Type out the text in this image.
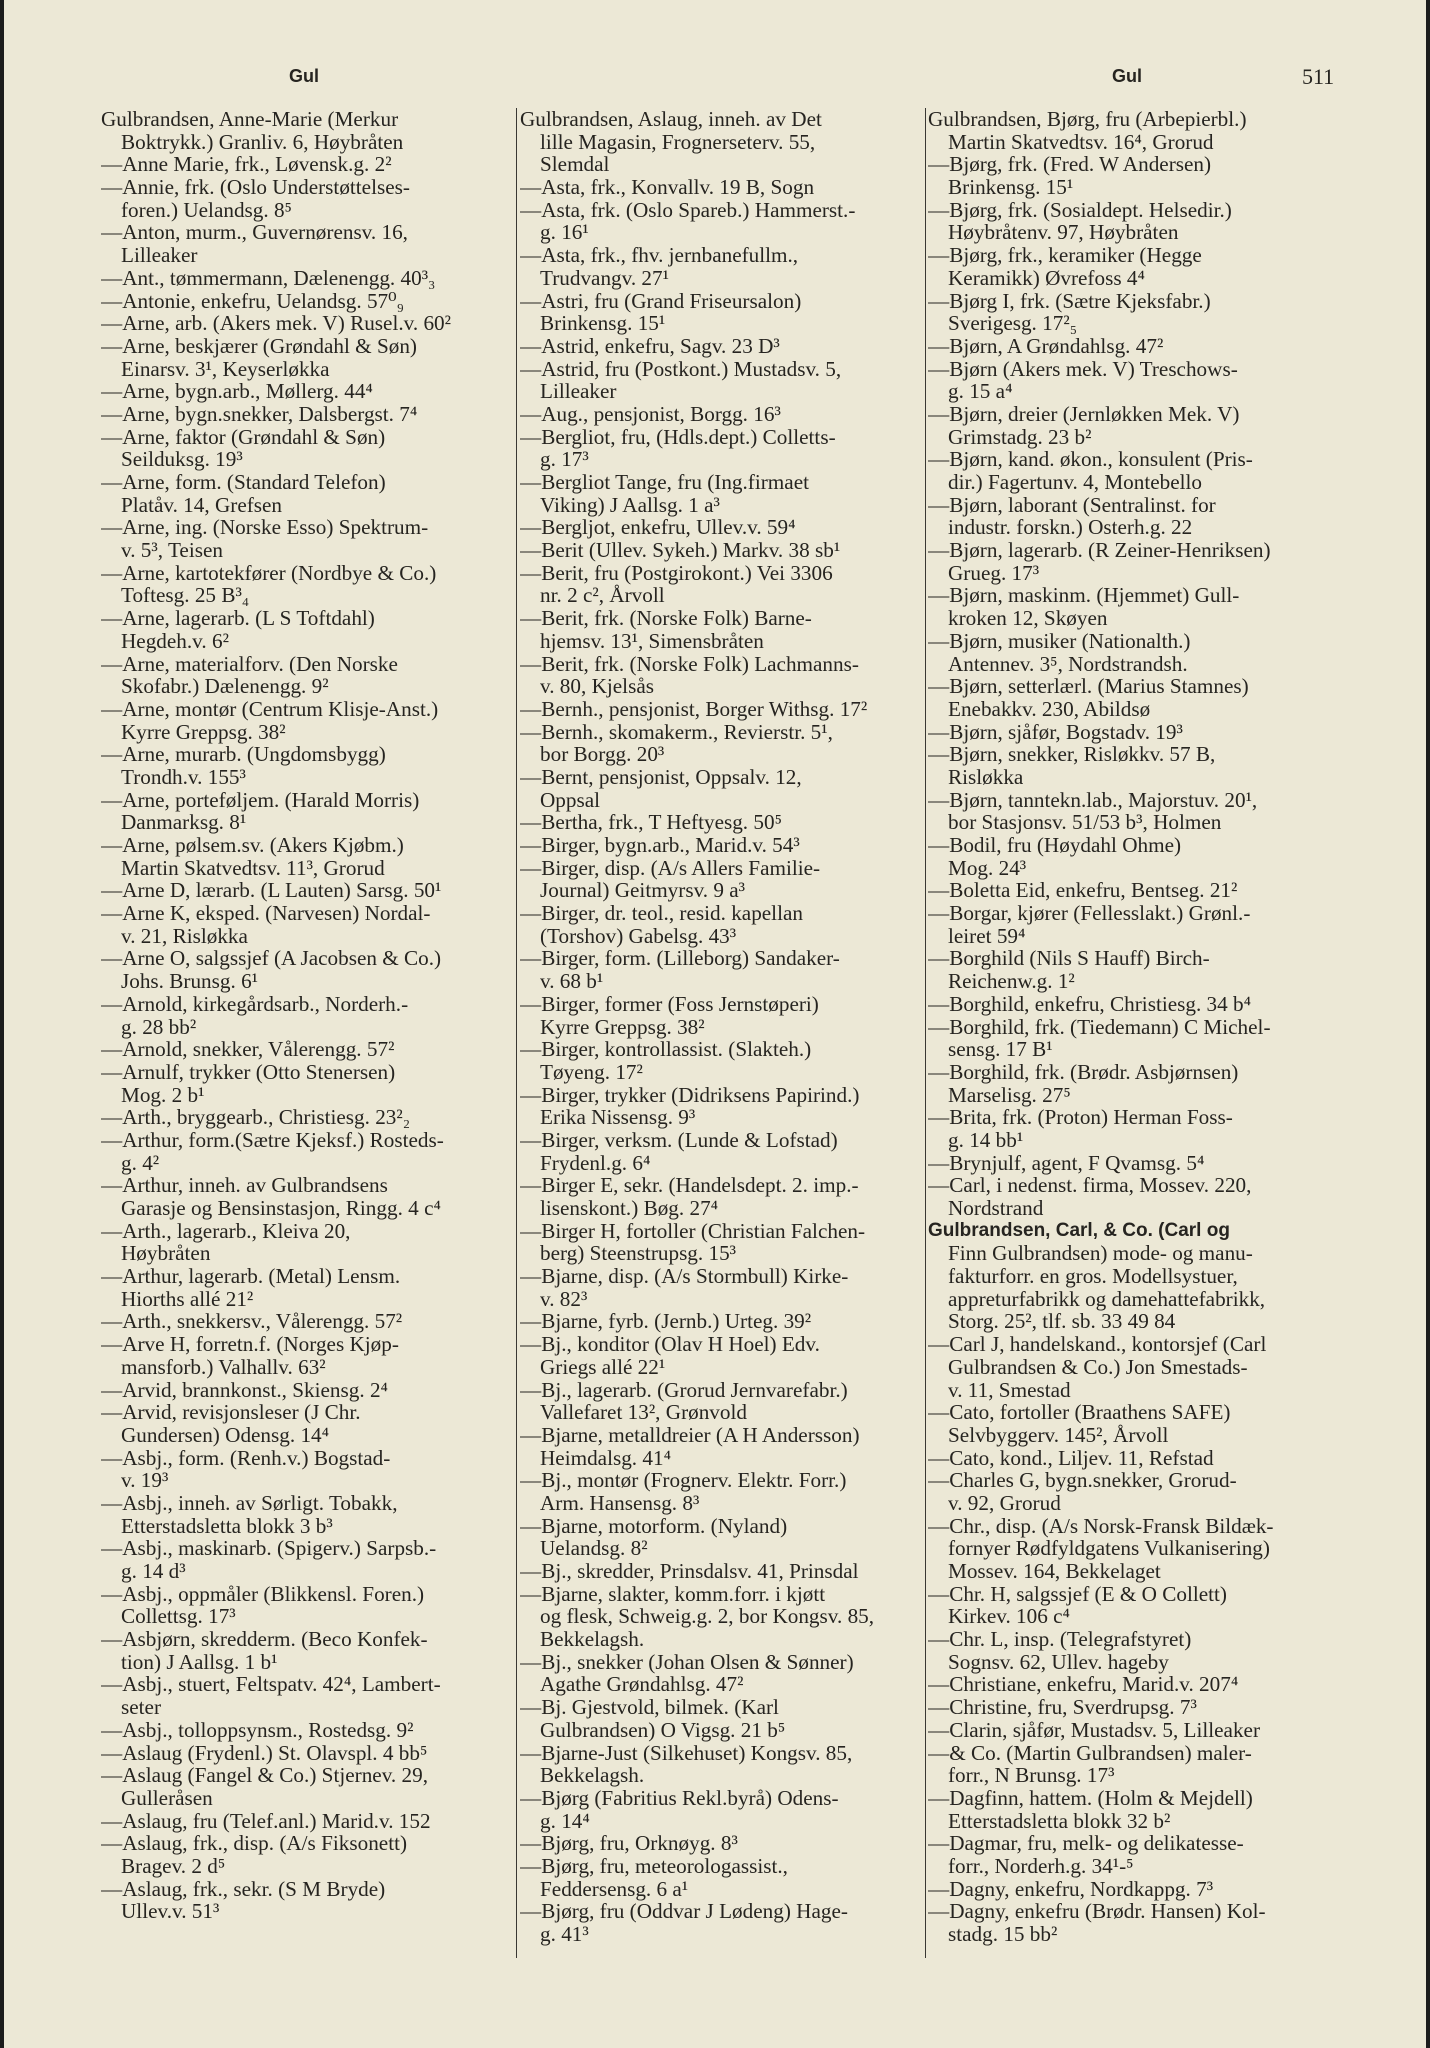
Gul	Gul	511
Gulbrandsen, Anne-Marie (Merkur
Boktrykk.) Granliv. 6, Høybråten
—Anne Marie, frk., Løvensk.g. 2²
—Annie, frk. (Oslo Understøttelses-
foren.) Uelandsg. 8⁵
—Anton, murm., Guvernørensv. 16,
Lilleaker
—Ant., tømmermann, Dælenengg. 40³₃
—Antonie, enkefru, Uelandsg. 57⁰₉
—Arne, arb. (Akers mek. V) Rusel.v. 60²
—Arne, beskjærer (Grøndahl & Søn)
Einarsv. 3¹, Keyserløkka
—Arne, bygn.arb., Møllerg. 44⁴
—Arne, bygn.snekker, Dalsbergst. 7⁴
—Arne, faktor (Grøndahl & Søn)
Seilduksg. 19³
—Arne, form. (Standard Telefon)
Platåv. 14, Grefsen
—Arne, ing. (Norske Esso) Spektrum-
v. 5³, Teisen
—Arne, kartotekfører (Nordbye & Co.)
Toftesg. 25 B³₄
—Arne, lagerarb. (L S Toftdahl)
Hegdeh.v. 6²
—Arne, materialforv. (Den Norske
Skofabr.) Dælenengg. 9²
—Arne, montør (Centrum Klisje-Anst.)
Kyrre Greppsg. 38²
—Arne, murarb. (Ungdomsbygg)
Trondh.v. 155³
—Arne, porteføljem. (Harald Morris)
Danmarksg. 8¹
—Arne, pølsem.sv. (Akers Kjøbm.)
Martin Skatvedtsv. 11³, Grorud
—Arne D, lærarb. (L Lauten) Sarsg. 50¹
—Arne K, eksped. (Narvesen) Nordal-
v. 21, Risløkka
—Arne O, salgssjef (A Jacobsen & Co.)
Johs. Brunsg. 6¹
—Arnold, kirkegårdsarb., Norderh.-
g. 28 bb²
—Arnold, snekker, Vålerengg. 57²
—Arnulf, trykker (Otto Stenersen)
Mog. 2 b¹
—Arth., bryggearb., Christiesg. 23²₂
—Arthur, form.(Sætre Kjeksf.) Rosteds-
g. 4²
—Arthur, inneh. av Gulbrandsens
Garasje og Bensinstasjon, Ringg. 4 c⁴
—Arth., lagerarb., Kleiva 20,
Høybråten
—Arthur, lagerarb. (Metal) Lensm.
Hiorths allé 21²
—Arth., snekkersv., Vålerengg. 57²
—Arve H, forretn.f. (Norges Kjøp-
mansforb.) Valhallv. 63²
—Arvid, brannkonst., Skiensg. 2⁴
—Arvid, revisjonsleser (J Chr.
Gundersen) Odensg. 14⁴
—Asbj., form. (Renh.v.) Bogstad-
v. 19³
—Asbj., inneh. av Sørligt. Tobakk,
Etterstadsletta blokk 3 b³
—Asbj., maskinarb. (Spigerv.) Sarpsb.-
g. 14 d³
—Asbj., oppmåler (Blikkensl. Foren.)
Collettsg. 17³
—Asbjørn, skredderm. (Beco Konfek-
tion) J Aallsg. 1 b¹
—Asbj., stuert, Feltspatv. 42⁴, Lambert-
seter
—Asbj., tolloppsynsm., Rostedsg. 9²
—Aslaug (Frydenl.) St. Olavspl. 4 bb⁵
—Aslaug (Fangel & Co.) Stjernev. 29,
Gulleråsen
—Aslaug, fru (Telef.anl.) Marid.v. 152
—Aslaug, frk., disp. (A/s Fiksonett)
Bragev. 2 d⁵
—Aslaug, frk., sekr. (S M Bryde)
Ullev.v. 51³
Gulbrandsen, Aslaug, inneh. av Det
lille Magasin, Frognerseterv. 55,
Slemdal
—Asta, frk., Konvallv. 19 B, Sogn
—Asta, frk. (Oslo Spareb.) Hammerst.-
g. 16¹
—Asta, frk., fhv. jernbanefullm.,
Trudvangv. 27¹
—Astri, fru (Grand Friseursalon)
Brinkensg. 15¹
—Astrid, enkefru, Sagv. 23 D³
—Astrid, fru (Postkont.) Mustadsv. 5,
Lilleaker
—Aug., pensjonist, Borgg. 16³
—Bergliot, fru, (Hdls.dept.) Colletts-
g. 17³
—Bergliot Tange, fru (Ing.firmaet
Viking) J Aallsg. 1 a³
—Bergljot, enkefru, Ullev.v. 59⁴
—Berit (Ullev. Sykeh.) Markv. 38 sb¹
—Berit, fru (Postgirokont.) Vei 3306
nr. 2 c², Årvoll
—Berit, frk. (Norske Folk) Barne-
hjemsv. 13¹, Simensbråten
—Berit, frk. (Norske Folk) Lachmanns-
v. 80, Kjelsås
—Bernh., pensjonist, Borger Withsg. 17²
—Bernh., skomakerm., Revierstr. 5¹,
bor Borgg. 20³
—Bernt, pensjonist, Oppsalv. 12,
Oppsal
—Bertha, frk., T Heftyesg. 50⁵
—Birger, bygn.arb., Marid.v. 54³
—Birger, disp. (A/s Allers Familie-
Journal) Geitmyrsv. 9 a³
—Birger, dr. teol., resid. kapellan
(Torshov) Gabelsg. 43³
—Birger, form. (Lilleborg) Sandaker-
v. 68 b¹
—Birger, former (Foss Jernstøperi)
Kyrre Greppsg. 38²
—Birger, kontrollassist. (Slakteh.)
Tøyeng. 17²
—Birger, trykker (Didriksens Papirind.)
Erika Nissensg. 9³
—Birger, verksm. (Lunde & Lofstad)
Frydenl.g. 6⁴
—Birger E, sekr. (Handelsdept. 2. imp.-
lisenskont.) Bøg. 27⁴
—Birger H, fortoller (Christian Falchen-
berg) Steenstrupsg. 15³
—Bjarne, disp. (A/s Stormbull) Kirke-
v. 82³
—Bjarne, fyrb. (Jernb.) Urteg. 39²
—Bj., konditor (Olav H Hoel) Edv.
Griegs allé 22¹
—Bj., lagerarb. (Grorud Jernvarefabr.)
Vallefaret 13², Grønvold
—Bjarne, metalldreier (A H Andersson)
Heimdalsg. 41⁴
—Bj., montør (Frognerv. Elektr. Forr.)
Arm. Hansensg. 8³
—Bjarne, motorform. (Nyland)
Uelandsg. 8²
—Bj., skredder, Prinsdalsv. 41, Prinsdal
—Bjarne, slakter, komm.forr. i kjøtt
og flesk, Schweig.g. 2, bor Kongsv. 85,
Bekkelagsh.
—Bj., snekker (Johan Olsen & Sønner)
Agathe Grøndahlsg. 47²
—Bj. Gjestvold, bilmek. (Karl
Gulbrandsen) O Vigsg. 21 b⁵
—Bjarne-Just (Silkehuset) Kongsv. 85,
Bekkelagsh.
—Bjørg (Fabritius Rekl.byrå) Odens-
g. 14⁴
—Bjørg, fru, Orknøyg. 8³
—Bjørg, fru, meteorologassist.,
Feddersensg. 6 a¹
—Bjørg, fru (Oddvar J Lødeng) Hage-
g. 41³
Gulbrandsen, Bjørg, fru (Arbepierbl.)
Martin Skatvedtsv. 16⁴, Grorud
—Bjørg, frk. (Fred. W Andersen)
Brinkensg. 15¹
—Bjørg, frk. (Sosialdept. Helsedir.)
Høybråtenv. 97, Høybråten
—Bjørg, frk., keramiker (Hegge
Keramikk) Øvrefoss 4⁴
—Bjørg I, frk. (Sætre Kjeksfabr.)
Sverigesg. 17²₅
—Bjørn, A Grøndahlsg. 47²
—Bjørn (Akers mek. V) Treschows-
g. 15 a⁴
—Bjørn, dreier (Jernløkken Mek. V)
Grimstadg. 23 b²
—Bjørn, kand. økon., konsulent (Pris-
dir.) Fagertunv. 4, Montebello
—Bjørn, laborant (Sentralinst. for
industr. forskn.) Osterh.g. 22
—Bjørn, lagerarb. (R Zeiner-Henriksen)
Grueg. 17³
—Bjørn, maskinm. (Hjemmet) Gull-
kroken 12, Skøyen
—Bjørn, musiker (Nationalth.)
Antennev. 3⁵, Nordstrandsh.
—Bjørn, setterlærl. (Marius Stamnes)
Enebakkv. 230, Abildsø
—Bjørn, sjåfør, Bogstadv. 19³
—Bjørn, snekker, Risløkkv. 57 B,
Risløkka
—Bjørn, tanntekn.lab., Majorstuv. 20¹,
bor Stasjonsv. 51/53 b³, Holmen
—Bodil, fru (Høydahl Ohme)
Mog. 24³
—Boletta Eid, enkefru, Bentseg. 21²
—Borgar, kjører (Fellesslakt.) Grønl.-
leiret 59⁴
—Borghild (Nils S Hauff) Birch-
Reichenw.g. 1²
—Borghild, enkefru, Christiesg. 34 b⁴
—Borghild, frk. (Tiedemann) C Michel-
sensg. 17 B¹
—Borghild, frk. (Brødr. Asbjørnsen)
Marselisg. 27⁵
—Brita, frk. (Proton) Herman Foss-
g. 14 bb¹
—Brynjulf, agent, F Qvamsg. 5⁴
—Carl, i nedenst. firma, Mossev. 220,
Nordstrand
Gulbrandsen, Carl, & Co. (Carl og
Finn Gulbrandsen) mode- og manu-
fakturforr. en gros. Modellsystuer,
appreturfabrikk og damehattefabrikk,
Storg. 25², tlf. sb. 33 49 84
—Carl J, handelskand., kontorsjef (Carl
Gulbrandsen & Co.) Jon Smestads-
v. 11, Smestad
—Cato, fortoller (Braathens SAFE)
Selvbyggerv. 145², Årvoll
—Cato, kond., Liljev. 11, Refstad
—Charles G, bygn.snekker, Grorud-
v. 92, Grorud
—Chr., disp. (A/s Norsk-Fransk Bildæk-
fornyer Rødfyldgatens Vulkanisering)
Mossev. 164, Bekkelaget
—Chr. H, salgssjef (E & O Collett)
Kirkev. 106 c⁴
—Chr. L, insp. (Telegrafstyret)
Sognsv. 62, Ullev. hageby
—Christiane, enkefru, Marid.v. 207⁴
—Christine, fru, Sverdrupsg. 7³
—Clarin, sjåfør, Mustadsv. 5, Lilleaker
—& Co. (Martin Gulbrandsen) maler-
forr., N Brunsg. 17³
—Dagfinn, hattem. (Holm & Mejdell)
Etterstadsletta blokk 32 b²
—Dagmar, fru, melk- og delikatesse-
forr., Norderh.g. 34¹-⁵
—Dagny, enkefru, Nordkappg. 7³
—Dagny, enkefru (Brødr. Hansen) Kol-
stadg. 15 bb²
